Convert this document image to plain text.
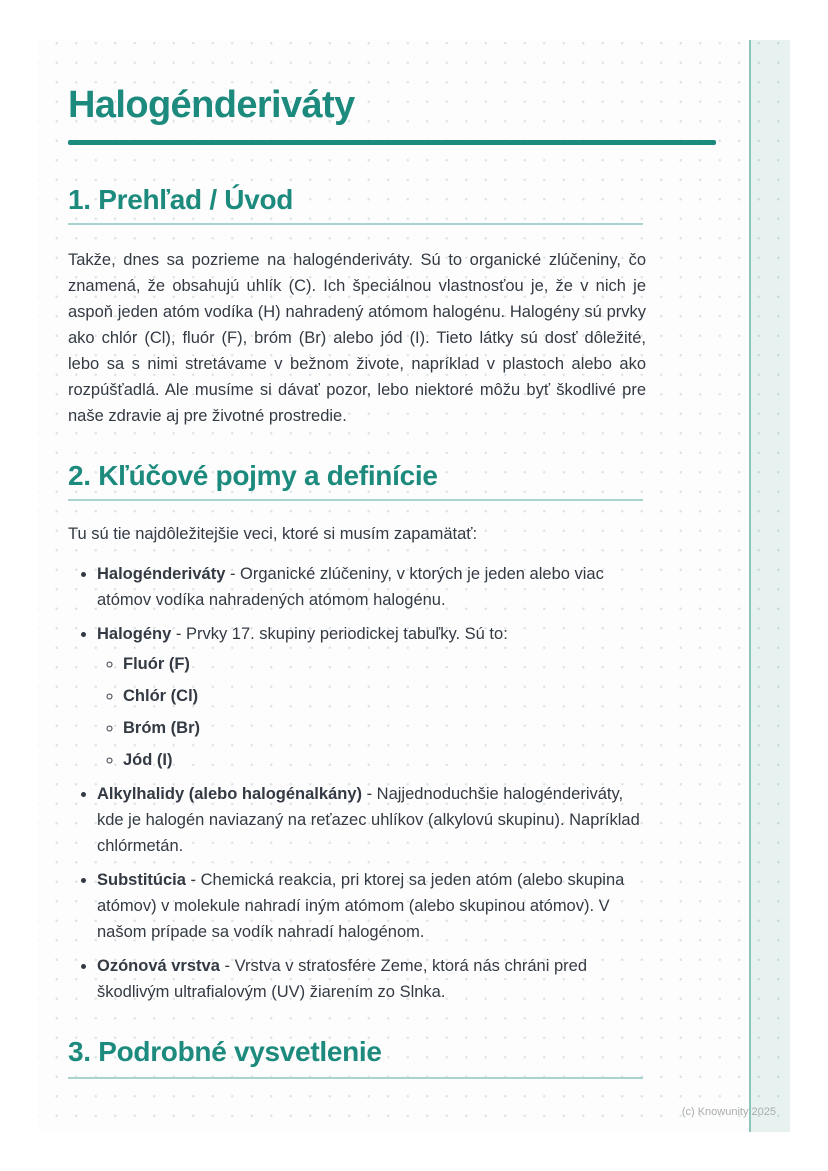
Halogénderiváty
1. Prehľad / Úvod

Takže, dnes sa pozrieme na halogénderiváty. Sú to organické zlúčeniny, čo znamená, že obsahujú uhlík (C). Ich špeciálnou vlastnosťou je, že v nich je aspoň jeden atóm vodíka (H) nahradený atómom halogénu. Halogény sú prvky ako chlór (Cl), fluór (F), bróm (Br) alebo jód (I). Tieto látky sú dosť dôležité, lebo sa s nimi stretávame v bežnom živote, napríklad v plastoch alebo ako rozpúšťadlá. Ale musíme si dávať pozor, lebo niektoré môžu byť škodlivé pre naše zdravie aj pre životné prostredie.

2. Kľúčové pojmy a definície

Tu sú tie najdôležitejšie veci, ktoré si musím zapamätať:

• Halogénderiváty - Organické zlúčeniny, v ktorých je jeden alebo viac atómov vodíka nahradených atómom halogénu.
• Halogény - Prvky 17. skupiny periodickej tabuľky. Sú to:
◦ Fluór (F)
◦ Chlór (Cl)
◦ Bróm (Br)
◦ Jód (I)
• Alkylhalidy (alebo halogénalkány) - Najjednoduchšie halogénderiváty, kde je halogén naviazaný na reťazec uhlíkov (alkylovú skupinu). Napríklad chlórmetán.
• Substitúcia - Chemická reakcia, pri ktorej sa jeden atóm (alebo skupina atómov) v molekule nahradí iným atómom (alebo skupinou atómov). V našom prípade sa vodík nahradí halogénom.
• Ozónová vrstva - Vrstva v stratosfére Zeme, ktorá nás chráni pred škodlivým ultrafialovým (UV) žiarením zo Slnka.
3. Podrobné vysvetlenie
(c) Knowunity 2025
